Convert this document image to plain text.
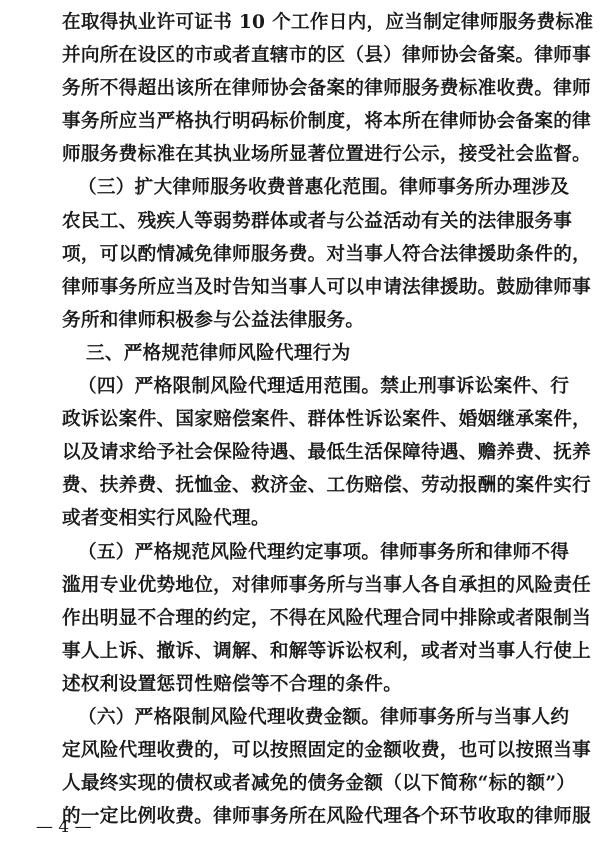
在取得执业许可证书 10 个工作日内，应当制定律师服务费标准
并向所在设区的市或者直辖市的区（县）律师协会备案。律师事
务所不得超出该所在律师协会备案的律师服务费标准收费。律师
事务所应当严格执行明码标价制度，将本所在律师协会备案的律
师服务费标准在其执业场所显著位置进行公示，接受社会监督。
（三）扩大律师服务收费普惠化范围。律师事务所办理涉及
农民工、残疾人等弱势群体或者与公益活动有关的法律服务事
项，可以酌情减免律师服务费。对当事人符合法律援助条件的，
律师事务所应当及时告知当事人可以申请法律援助。鼓励律师事
务所和律师积极参与公益法律服务。
三、严格规范律师风险代理行为
（四）严格限制风险代理适用范围。禁止刑事诉讼案件、行
政诉讼案件、国家赔偿案件、群体性诉讼案件、婚姻继承案件，
以及请求给予社会保险待遇、最低生活保障待遇、赡养费、抚养
费、扶养费、抚恤金、救济金、工伤赔偿、劳动报酬的案件实行
或者变相实行风险代理。
（五）严格规范风险代理约定事项。律师事务所和律师不得
滥用专业优势地位，对律师事务所与当事人各自承担的风险责任
作出明显不合理的约定，不得在风险代理合同中排除或者限制当
事人上诉、撤诉、调解、和解等诉讼权利，或者对当事人行使上
述权利设置惩罚性赔偿等不合理的条件。
（六）严格限制风险代理收费金额。律师事务所与当事人约
定风险代理收费的，可以按照固定的金额收费，也可以按照当事
人最终实现的债权或者减免的债务金额（以下简称“标的额”）
的一定比例收费。律师事务所在风险代理各个环节收取的律师服
— 4 —
